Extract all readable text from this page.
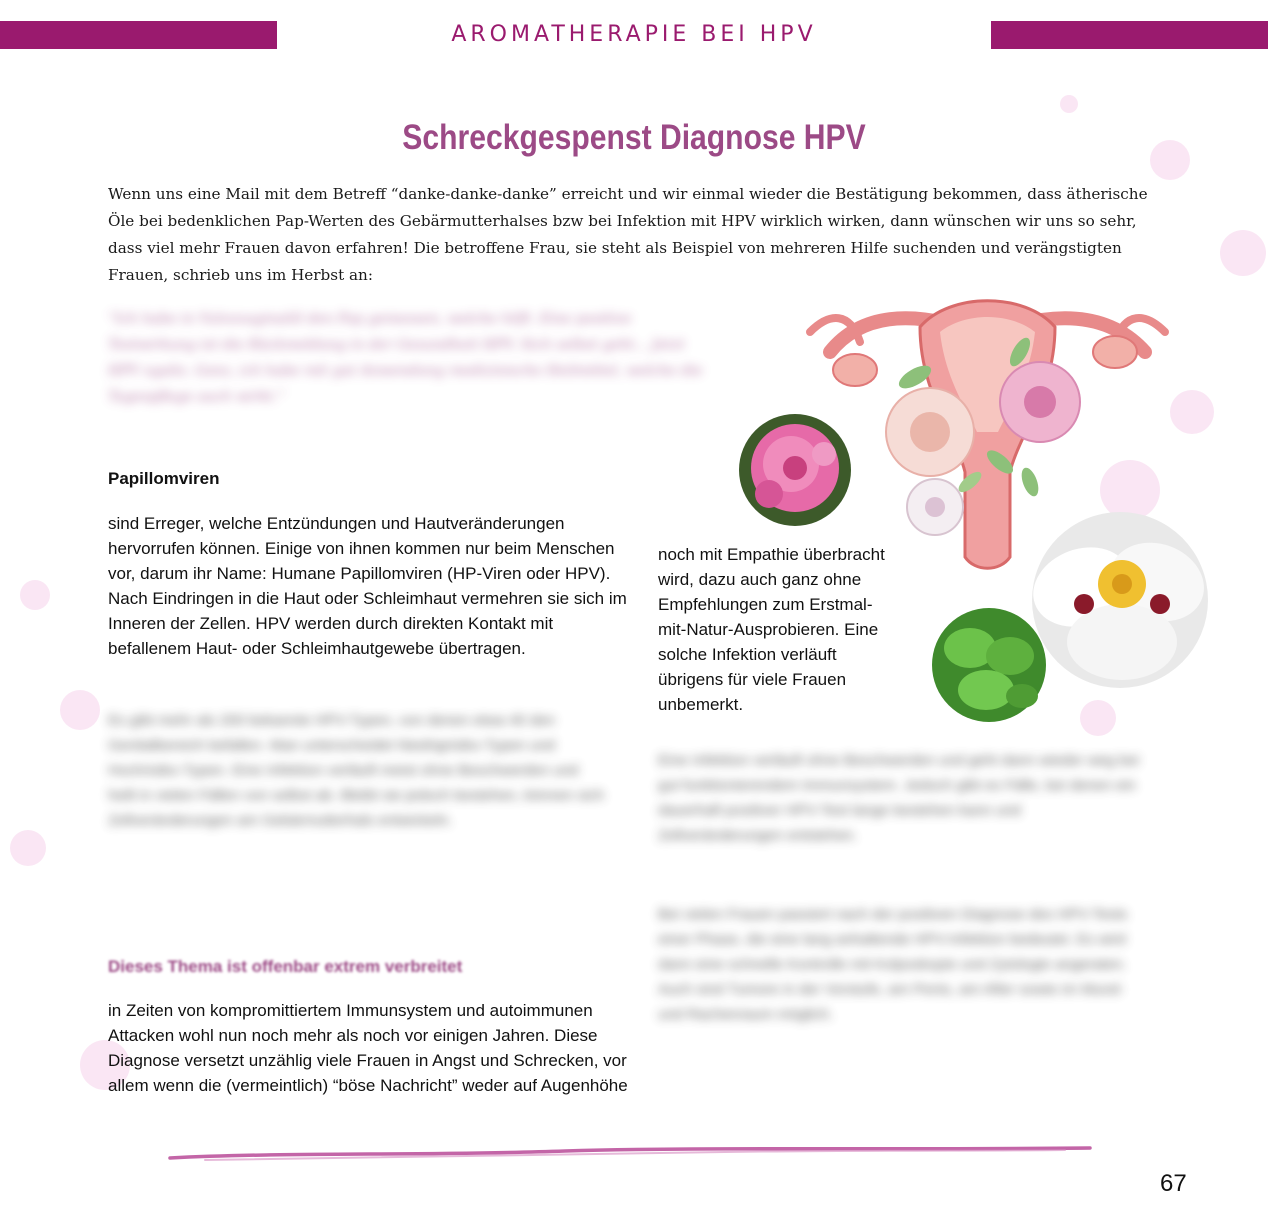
AROMATHERAPIE BEI HPV
Schreckgespenst Diagnose HPV
Wenn uns eine Mail mit dem Betreff “danke-danke-danke” erreicht und wir einmal wieder die Bestätigung bekommen, dass ätherische Öle bei bedenklichen Pap-Werten des Gebärmutterhalses bzw bei Infektion mit HPV wirklich wirken, dann wünschen wir uns so sehr, dass viel mehr Frauen davon erfahren! Die betroffene Frau, sie steht als Beispiel von mehreren Hilfe suchenden und verängstigten Frauen, schrieb uns im Herbst an:
“Ich habe in Vulvovaginalöl den Pap gemessen, welche hilft. Eine positive Testwirkung ist die Rückmeldung in der Gesundheit HPV. Sich selbst geht... Jetzt HPV egalis. Ganz, ich habe mit gut Anwendung medizinische Heilmittel, welche die Tagespflege auch wirkt.”
Papillomviren
sind Erreger, welche Entzündungen und Hautveränderungen hervorrufen können. Einige von ihnen kommen nur beim Menschen vor, darum ihr Name: Humane Papillomviren (HP-Viren oder HPV). Nach Eindringen in die Haut oder Schleimhaut vermehren sie sich im Inneren der Zellen. HPV werden durch direkten Kontakt mit befallenem Haut- oder Schleimhautgewebe übertragen.
noch mit Empathie überbracht wird, dazu auch ganz ohne Empfehlungen zum Erstmal-mit-Natur-Ausprobieren. Eine solche Infektion verläuft übrigens für viele Frauen unbemerkt.
Es gibt mehr als 200 bekannte HPV-Typen, von denen etwa 40 den Genitalbereich befallen. Man unterscheidet Niedrigrisiko-Typen und Hochrisiko-Typen. Eine Infektion verläuft meist ohne Beschwerden und heilt in vielen Fällen von selbst ab. Bleibt sie jedoch bestehen, können sich Zellveränderungen am Gebärmutterhals entwickeln.
Eine Infektion verläuft ohne Beschwerden und geht dann wieder weg bei gut funktionierendem Immunsystem. Jedoch gibt es Fälle, bei denen ein dauerhaft positiver HPV-Test lange bestehen kann und Zellveränderungen entstehen.
Bei vielen Frauen passiert nach der positiven Diagnose des HPV-Tests einer Phase, die eine lang anhaltende HPV-Infektion bedeutet. Es wird dann eine schnelle Kontrolle mit Kolposkopie und Zytologie angeraten. Auch sind Tumore in der Vorstufe, am Penis, am After sowie im Mund- und Rachenraum möglich.
Dieses Thema ist offenbar extrem verbreitet
in Zeiten von kompromittiertem Immunsystem und autoimmunen Attacken wohl nun noch mehr als noch vor einigen Jahren. Diese Diagnose versetzt unzählig viele Frauen in Angst und Schrecken, vor allem wenn die (vermeintlich) “böse Nachricht” weder auf Augenhöhe
67
